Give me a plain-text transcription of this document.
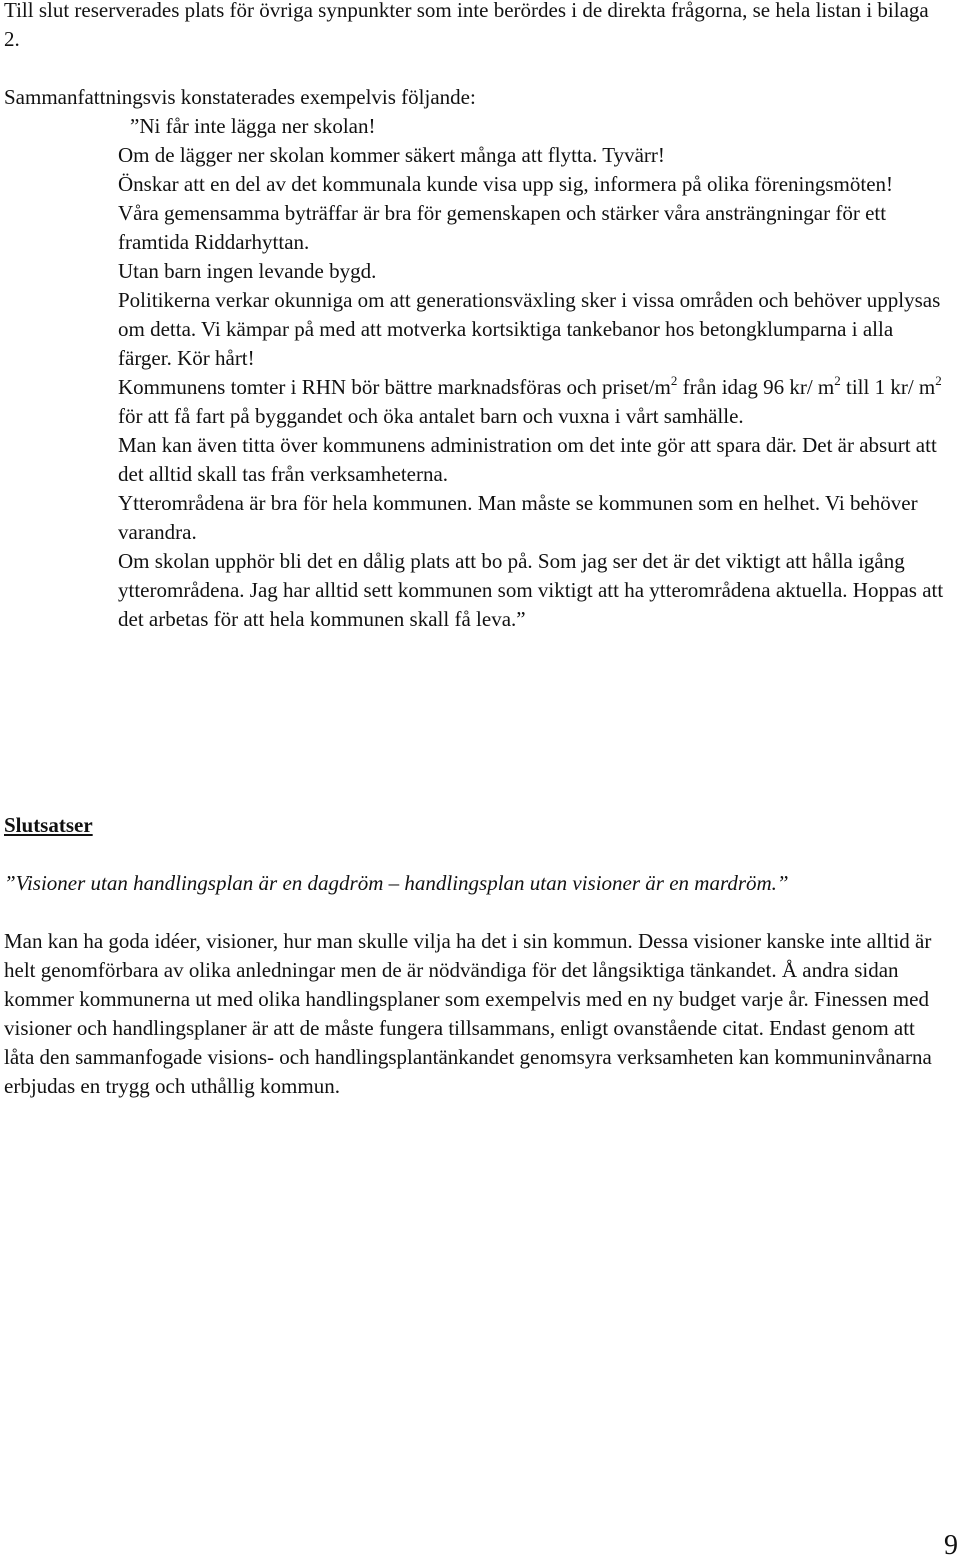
Till slut reserverades plats för övriga synpunkter som inte berördes i de direkta frågorna, se hela listan i bilaga 2.

Sammanfattningsvis konstaterades exempelvis följande:

”Ni får inte lägga ner skolan!

Om de lägger ner skolan kommer säkert många att flytta. Tyvärr!

Önskar att en del av det kommunala kunde visa upp sig, informera på olika föreningsmöten!

Våra gemensamma byträffar är bra för gemenskapen och stärker våra ansträngningar för ett framtida Riddarhyttan.

Utan barn ingen levande bygd.

Politikerna verkar okunniga om att generationsväxling sker i vissa områden och behöver upplysas om detta. Vi kämpar på med att motverka kortsiktiga tankebanor hos betongklumparna i alla färger. Kör hårt!

Kommunens tomter i RHN bör bättre marknadsföras och priset/$m^2$ från idag 96 kr/ $m^2$ till 1 kr/ $m^2$ för att få fart på byggandet och öka antalet barn och vuxna i vårt samhälle.

Man kan även titta över kommunens administration om det inte gör att spara där. Det är absurt att det alltid skall tas från verksamheterna.

Ytterområdena är bra för hela kommunen. Man måste se kommunen som en helhet. Vi behöver varandra.

Om skolan upphör bli det en dålig plats att bo på. Som jag ser det är det viktigt att hålla igång ytterområdena. Jag har alltid sett kommunen som viktigt att ha ytterområdena aktuella. Hoppas att det arbetas för att hela kommunen skall få leva.”

Slutsatser

”Visioner utan handlingsplan är en dagdröm – handlingsplan utan visioner är en mardröm.”

Man kan ha goda idéer, visioner, hur man skulle vilja ha det i sin kommun. Dessa visioner kanske inte alltid är helt genomförbara av olika anledningar men de är nödvändiga för det långsiktiga tänkandet. Å andra sidan kommer kommunerna ut med olika handlingsplaner som exempelvis med en ny budget varje år. Finessen med visioner och handlingsplaner är att de måste fungera tillsammans, enligt ovanstående citat. Endast genom att låta den sammanfogade visions- och handlingsplantänkandet genomsyra verksamheten kan kommuninvånarna erbjudas en trygg och uthållig kommun.

9
